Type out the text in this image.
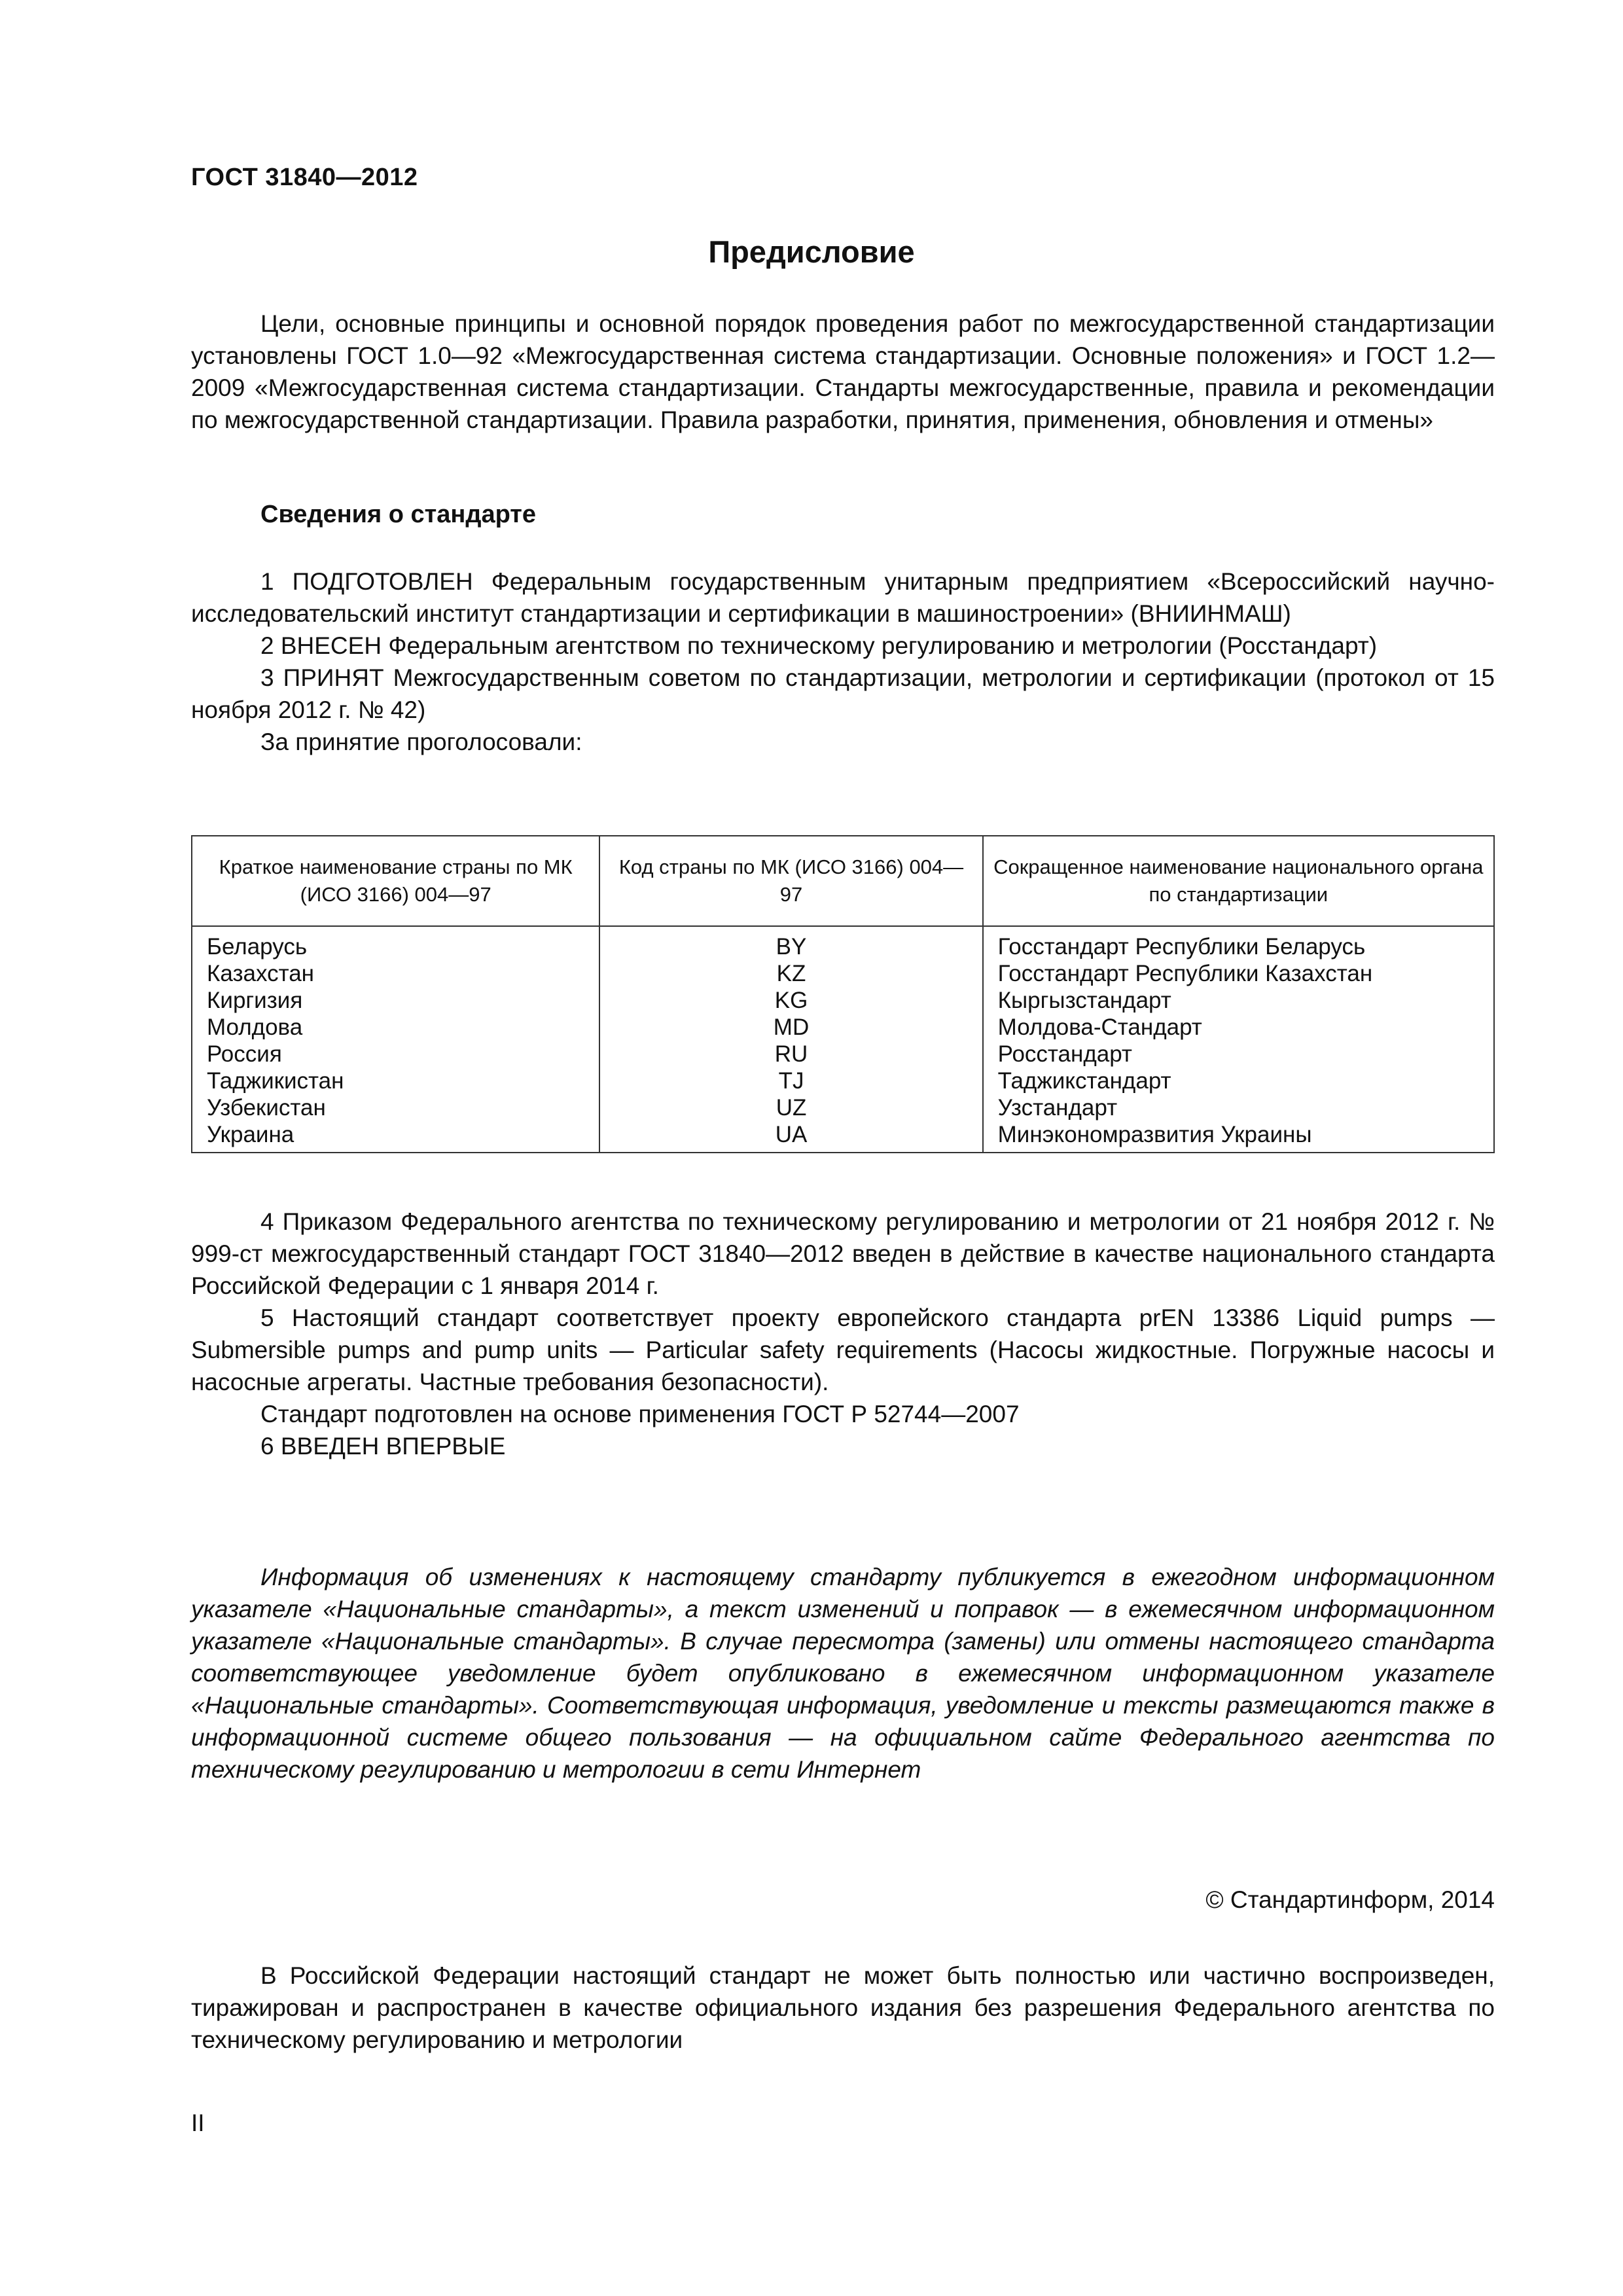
ГОСТ 31840—2012
Предисловие

Цели, основные принципы и основной порядок проведения работ по межгосударственной стандартизации установлены ГОСТ 1.0—92 «Межгосударственная система стандартизации. Основные положения» и ГОСТ 1.2—2009 «Межгосударственная система стандартизации. Стандарты межгосударственные, правила и рекомендации по межгосударственной стандартизации. Правила разработки, принятия, применения, обновления и отмены»

Сведения о стандарте

1 ПОДГОТОВЛЕН Федеральным государственным унитарным предприятием «Всероссийский научно-исследовательский институт стандартизации и сертификации в машиностроении» (ВНИИНМАШ)

2 ВНЕСЕН Федеральным агентством по техническому регулированию и метрологии (Росстандарт)

3 ПРИНЯТ Межгосударственным советом по стандартизации, метрологии и сертификации (протокол от 15 ноября 2012 г. № 42)

За принятие проголосовали:

Краткое наименование страны по МК (ИСО 3166) 004—97	Код страны по МК (ИСО 3166) 004—97	Сокращенное наименование национального органа по стандартизации
Беларусь	BY	Госстандарт Республики Беларусь
Казахстан	KZ	Госстандарт Республики Казахстан
Киргизия	KG	Кыргызстандарт
Молдова	MD	Молдова-Стандарт
Россия	RU	Росстандарт
Таджикистан	TJ	Таджикстандарт
Узбекистан	UZ	Узстандарт
Украина	UA	Минэкономразвития Украины

4 Приказом Федерального агентства по техническому регулированию и метрологии от 21 ноября 2012 г. № 999-ст межгосударственный стандарт ГОСТ 31840—2012 введен в действие в качестве национального стандарта Российской Федерации с 1 января 2014 г.

5 Настоящий стандарт соответствует проекту европейского стандарта prEN 13386 Liquid pumps — Submersible pumps and pump units — Particular safety requirements (Насосы жидкостные. Погружные насосы и насосные агрегаты. Частные требования безопасности).

Стандарт подготовлен на основе применения ГОСТ Р 52744—2007

6 ВВЕДЕН ВПЕРВЫЕ

Информация об изменениях к настоящему стандарту публикуется в ежегодном информационном указателе «Национальные стандарты», а текст изменений и поправок — в ежемесячном информационном указателе «Национальные стандарты». В случае пересмотра (замены) или отмены настоящего стандарта соответствующее уведомление будет опубликовано в ежемесячном информационном указателе «Национальные стандарты». Соответствующая информация, уведомление и тексты размещаются также в информационной системе общего пользования — на официальном сайте Федерального агентства по техническому регулированию и метрологии в сети Интернет

© Стандартинформ, 2014

В Российской Федерации настоящий стандарт не может быть полностью или частично воспроизведен, тиражирован и распространен в качестве официального издания без разрешения Федерального агентства по техническому регулированию и метрологии

II
